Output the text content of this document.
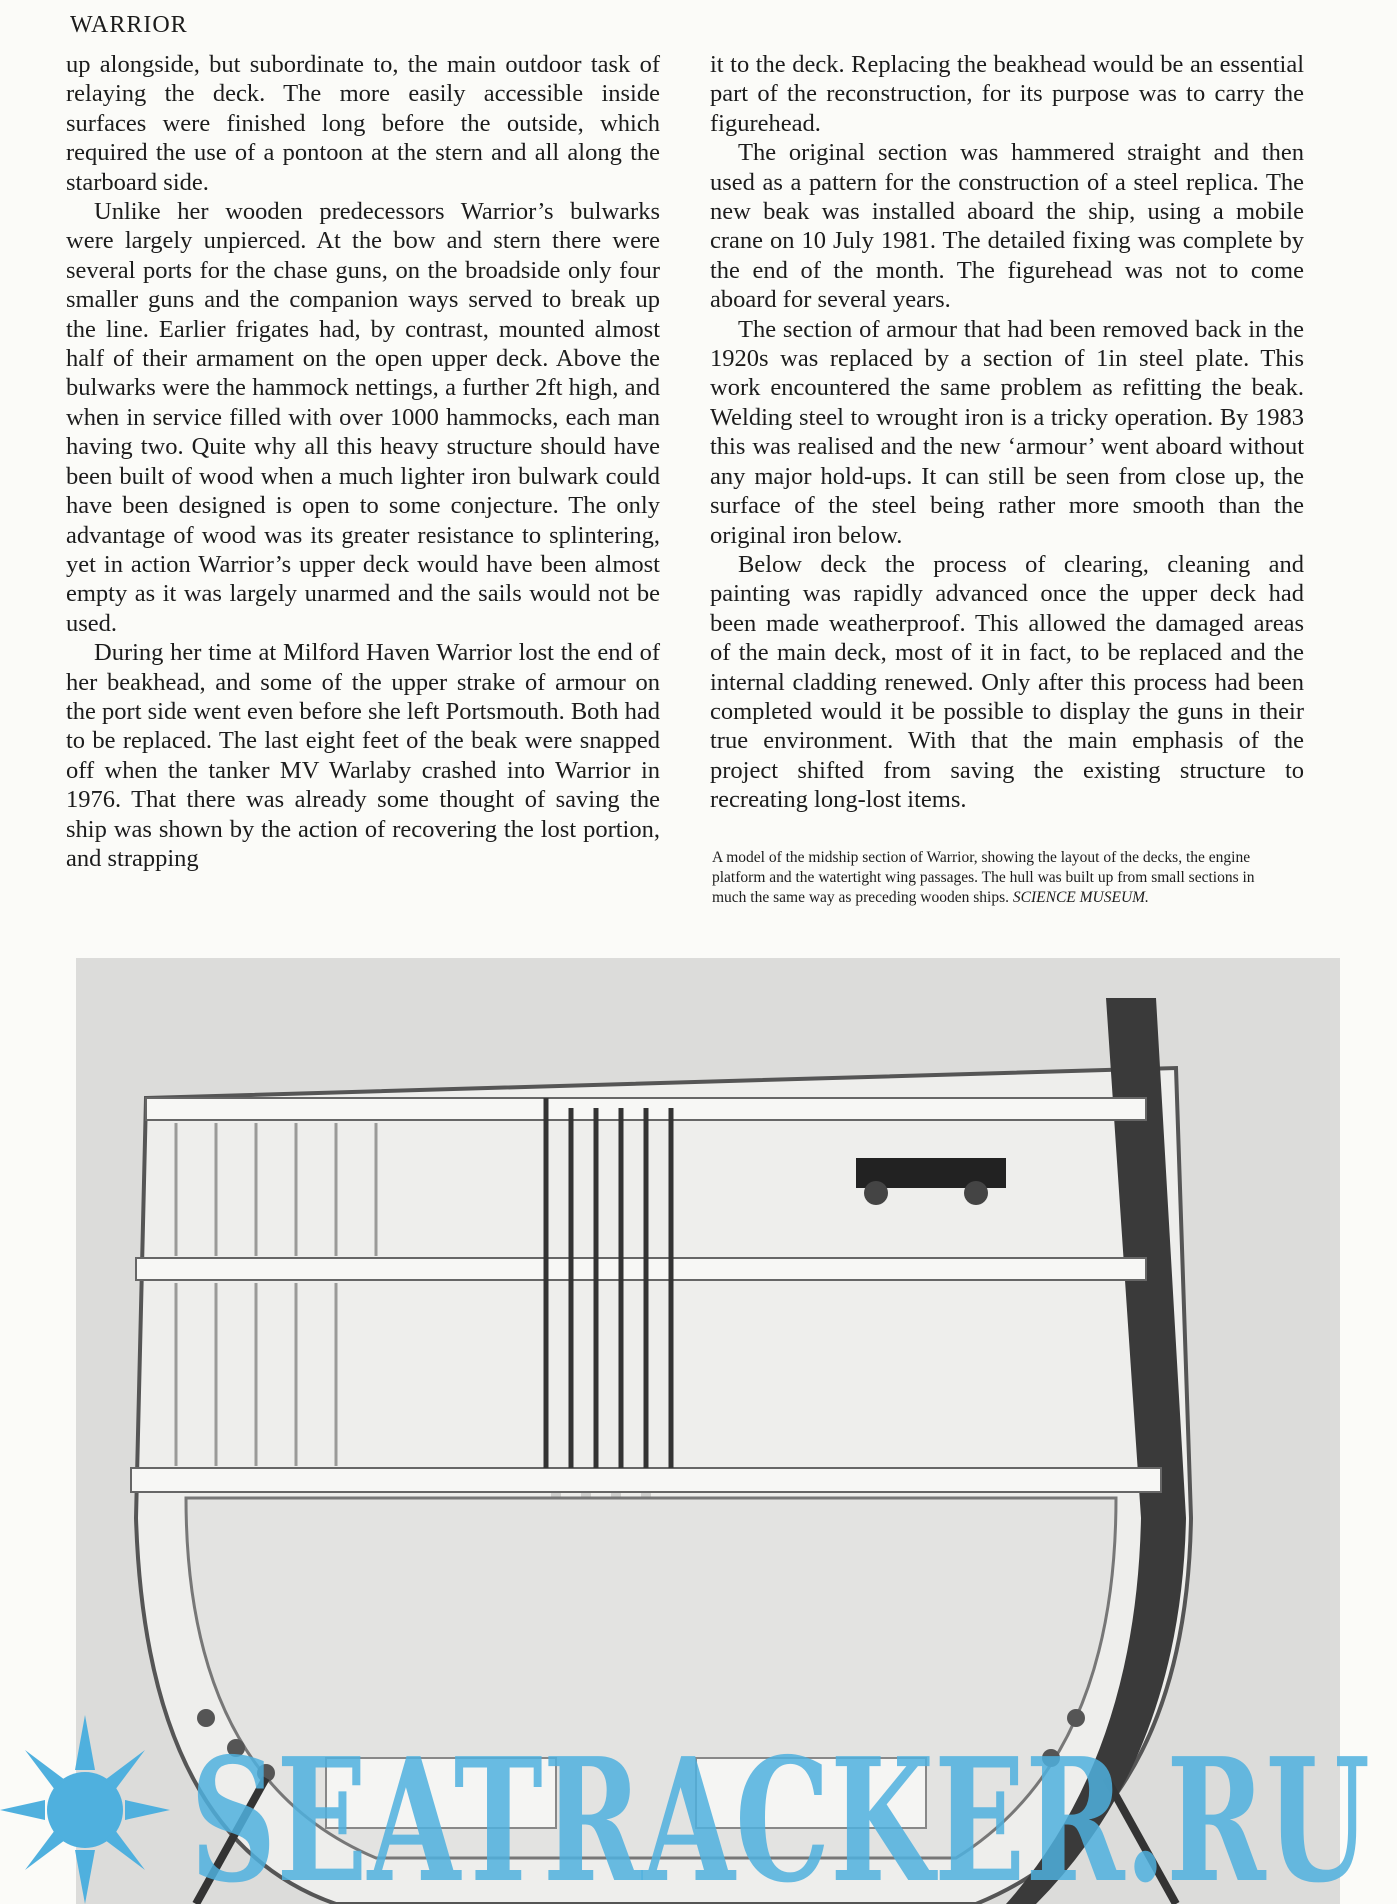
WARRIOR

up alongside, but subordinate to, the main outdoor task of relaying the deck. The more easily accessible inside surfaces were finished long before the outside, which required the use of a pontoon at the stern and all along the starboard side.

Unlike her wooden predecessors Warrior’s bulwarks were largely unpierced. At the bow and stern there were several ports for the chase guns, on the broadside only four smaller guns and the companion ways served to break up the line. Earlier frigates had, by contrast, mounted almost half of their armament on the open upper deck. Above the bulwarks were the hammock nettings, a further 2ft high, and when in service filled with over 1000 hammocks, each man having two. Quite why all this heavy structure should have been built of wood when a much lighter iron bulwark could have been designed is open to some conjecture. The only advantage of wood was its greater resistance to splintering, yet in action Warrior’s upper deck would have been almost empty as it was largely unarmed and the sails would not be used.

During her time at Milford Haven Warrior lost the end of her beakhead, and some of the upper strake of armour on the port side went even before she left Portsmouth. Both had to be replaced. The last eight feet of the beak were snapped off when the tanker MV Warlaby crashed into Warrior in 1976. That there was already some thought of saving the ship was shown by the action of recovering the lost portion, and strapping

it to the deck. Replacing the beakhead would be an essential part of the reconstruction, for its purpose was to carry the figurehead.

The original section was hammered straight and then used as a pattern for the construction of a steel replica. The new beak was installed aboard the ship, using a mobile crane on 10 July 1981. The detailed fixing was complete by the end of the month. The figurehead was not to come aboard for several years.

The section of armour that had been removed back in the 1920s was replaced by a section of 1in steel plate. This work encountered the same problem as refitting the beak. Welding steel to wrought iron is a tricky operation. By 1983 this was realised and the new ‘armour’ went aboard without any major hold-ups. It can still be seen from close up, the surface of the steel being rather more smooth than the original iron below.

Below deck the process of clearing, cleaning and painting was rapidly advanced once the upper deck had been made weatherproof. This allowed the damaged areas of the main deck, most of it in fact, to be replaced and the internal cladding renewed. Only after this process had been completed would it be possible to display the guns in their true environment. With that the main emphasis of the project shifted from saving the existing structure to recreating long-lost items.

A model of the midship section of Warrior, showing the layout of the decks, the engine platform and the watertight wing passages. The hull was built up from small sections in much the same way as preceding wooden ships. SCIENCE MUSEUM.
SEATRACKER.RU
